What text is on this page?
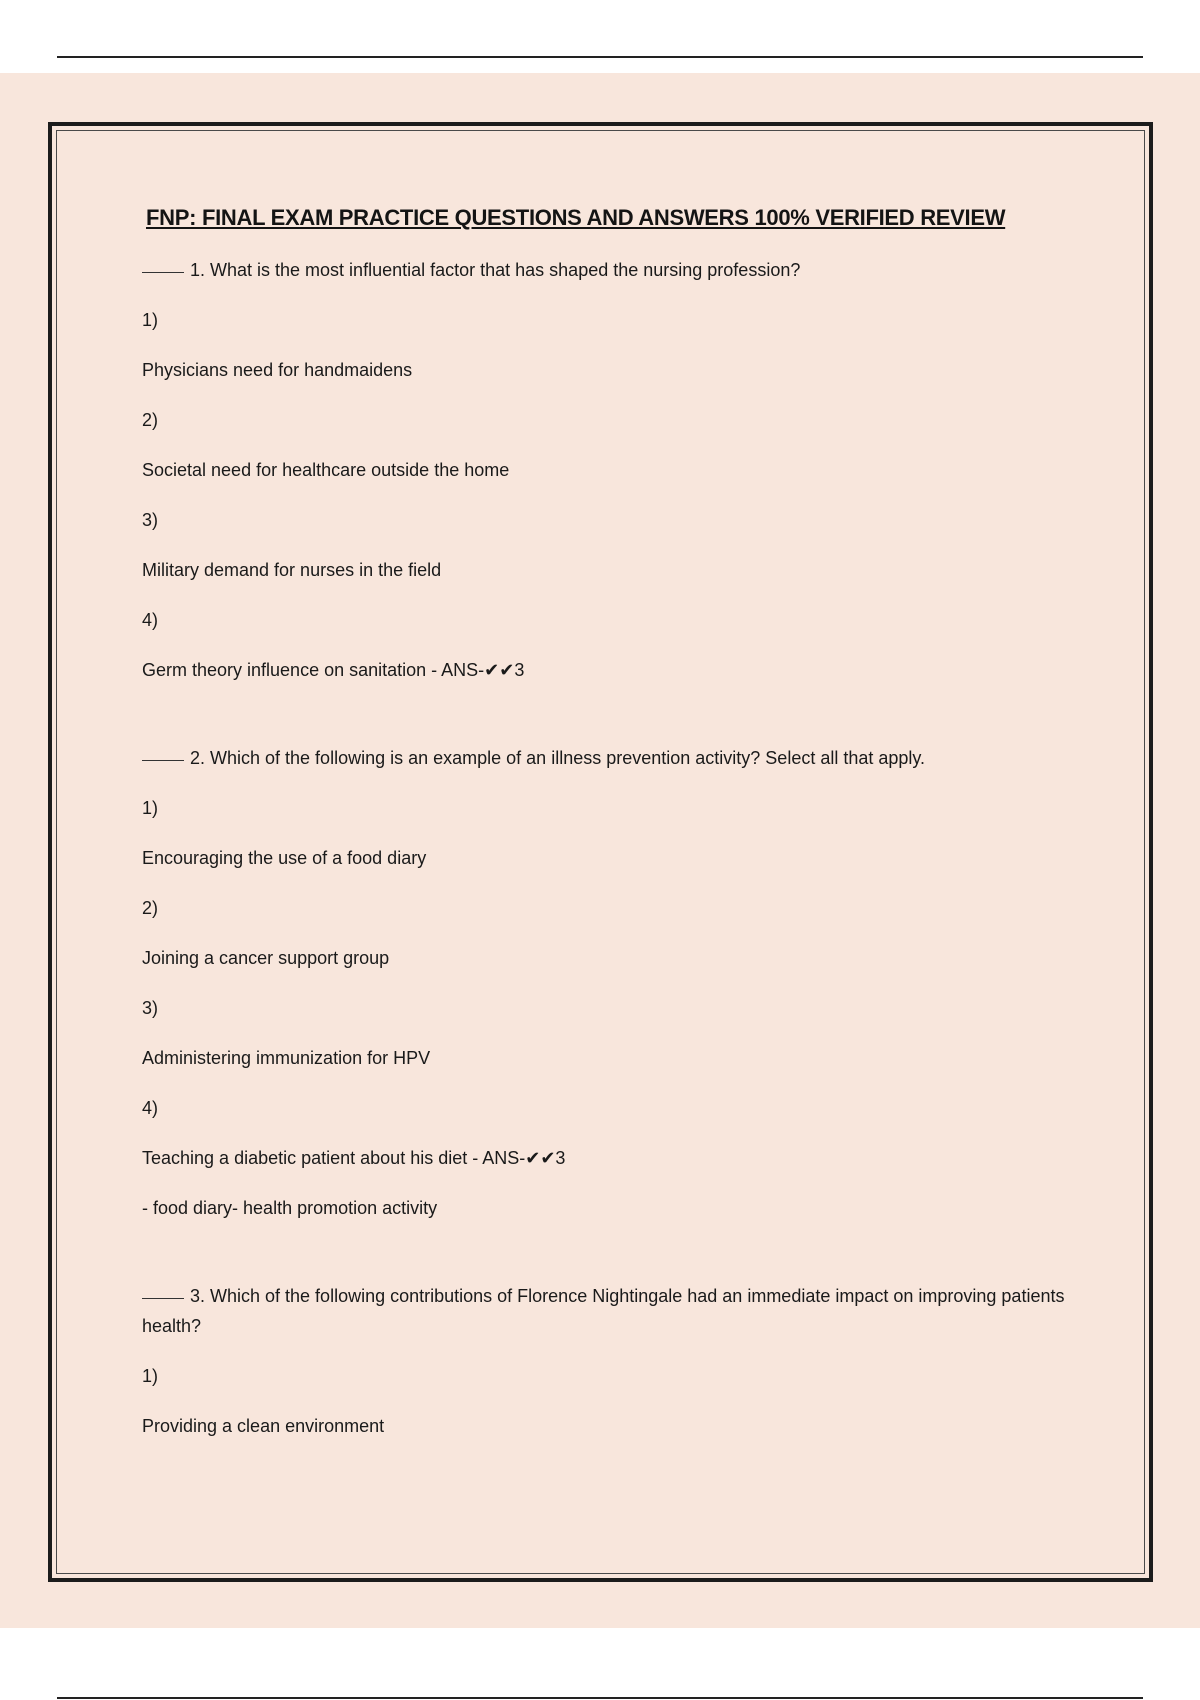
FNP: FINAL EXAM PRACTICE QUESTIONS AND ANSWERS 100% VERIFIED REVIEW

1. What is the most influential factor that has shaped the nursing profession?

1)

Physicians need for handmaidens

2)

Societal need for healthcare outside the home

3)

Military demand for nurses in the field

4)

Germ theory influence on sanitation - ANS-✔✔3

2. Which of the following is an example of an illness prevention activity? Select all that apply.

1)

Encouraging the use of a food diary

2)

Joining a cancer support group

3)

Administering immunization for HPV

4)

Teaching a diabetic patient about his diet - ANS-✔✔3

- food diary- health promotion activity

3. Which of the following contributions of Florence Nightingale had an immediate impact on improving patients health?

1)

Providing a clean environment
